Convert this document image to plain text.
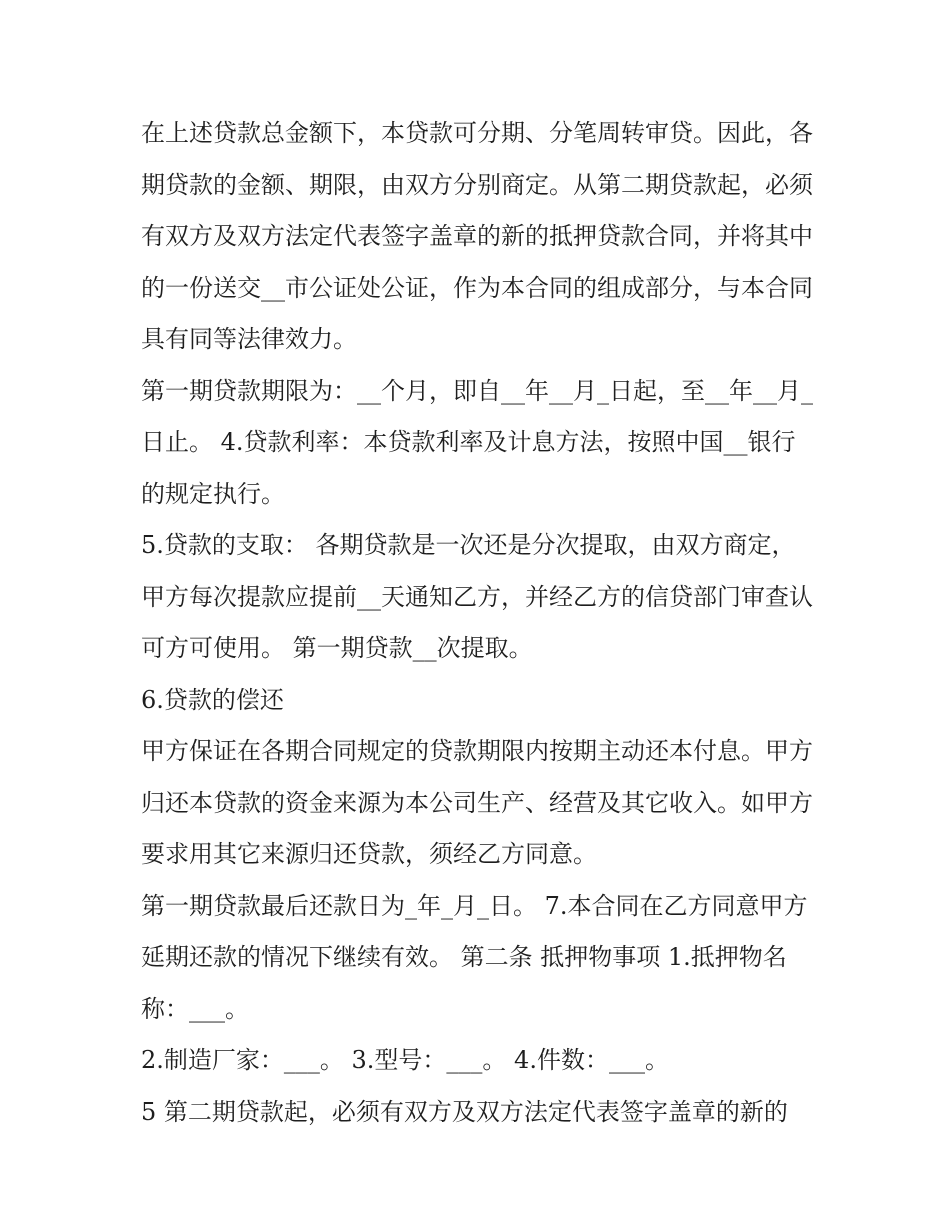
在上述贷款总金额下，本贷款可分期、分笔周转审贷。因此，各期贷款的金额、期限，由双方分别商定。从第二期贷款起，必须有双方及双方法定代表签字盖章的新的抵押贷款合同，并将其中的一份送交__市公证处公证，作为本合同的组成部分，与本合同具有同等法律效力。

第一期贷款期限为：__个月，即自__年__月_日起，至__年__月_日止。 4.贷款利率：本贷款利率及计息方法，按照中国__银行的规定执行。

5.贷款的支取： 各期贷款是一次还是分次提取，由双方商定，甲方每次提款应提前__天通知乙方，并经乙方的信贷部门审查认可方可使用。 第一期贷款__次提取。

6.贷款的偿还

甲方保证在各期合同规定的贷款期限内按期主动还本付息。甲方归还本贷款的资金来源为本公司生产、经营及其它收入。如甲方要求用其它来源归还贷款，须经乙方同意。

第一期贷款最后还款日为_年_月_日。 7.本合同在乙方同意甲方延期还款的情况下继续有效。 第二条 抵押物事项 1.抵押物名称：___。

2.制造厂家：___。 3.型号：___。 4.件数：___。

5 第二期贷款起，必须有双方及双方法定代表签字盖章的新的
